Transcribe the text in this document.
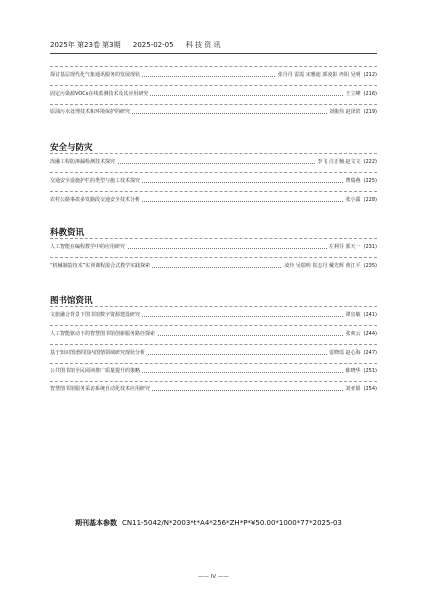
2025年 第23卷 第3期 2025-02-05 科 技 资 讯
探讨基层现代化气象通讯服务的发展现状	张丹丹 雷霞 宋雅迪 郭凌影 冉阳 吴明 (212)
固定污染源VOCs在线监测技术及其应用研究	王立峰 (216)
原油污水处理技术和环境保护的研究	刘俊伟 赵泽滨 (219)
安全与防灾
冻融工程防渗漏检测技术探究	李飞 汪正楠 赵文文 (222)
交通安全设施护栏的类型与施工技术探究	曹瑞燕 (225)
农村公路事故多发路段交通安全技术分析	张小露 (228)
科教资讯
人工智能在编程教学中的应用研究	左利芬 郭天一 (231)
“机械制造技术”实训课程混合式教学实践探索	凌玲 吴瑞明 崔志丹 戴光辉 黄江平 (235)
图书馆资讯
文旅融合背景下图书馆数字资源建设研究	谭宜敏 (241)
人工智能驱动下的智慧图书馆创新服务路径探索	张爽云 (244)
基于知识图谱的国内图情领域研究现状分析	雷晓瑶 赵心海 (247)
公共图书馆全民阅读推广质量提升的策略	陈晓华 (251)
智慧图书馆服务采访系统自动化技术应用研究	刘亚娟 (254)
期刊基本参数 CN11-5042/N*2003*t*A4*256*ZH*P*¥50.00*1000*77*2025-03
—— IV ——
